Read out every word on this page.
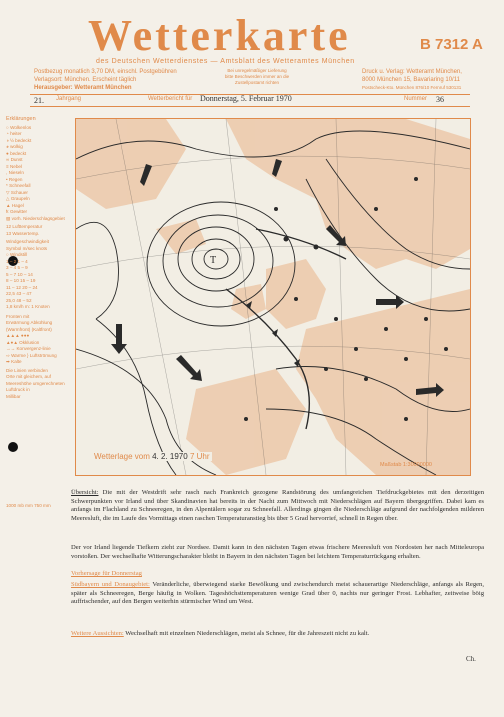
Wetterkarte	B 7312 A
des Deutschen Wetterdienstes — Amtsblatt des Wetteramtes München
Postbezug monatlich 3,70 DM, einschl. Postgebühren
Verlagsort: München. Erscheint täglich
Herausgeber: Wetteramt München
Bei unregelmäßiger Lieferung
bitte Beschwerden immer an die
Zustellpostamt richten
Druck u. Verlag: Wetteramt München,
8000 München 15, Bavariaring 10/11
Postscheck-Kto. München 876/10 Fernruf 530131
21. Jahrgang	Wetterbericht für Donnerstag, 5. Februar 1970	Nummer 36
Erklärungen
○ Wolkenlos
◔ heiter
◑ ½ bedeckt
◕ wolkig
● bedeckt
∞ Dunst
≡ Nebel
, Nieseln
• Regen
* Schneefall
▽ Schauer
△ Graupeln
▲ Hagel
ꝁ Gewitter
▧ vorh. Niederschlagsgebiet
12 Lufttemperatur
13 Wassertemp.
Windgeschwindigkeit
Symbol m/sec knots
○ Windstill
1 – 2 1 – 4
3 – 4 5 – 9
5 – 7 10 – 14
8 – 10 15 – 19
11 – 12 20 – 24
22,5 43 – 47
25,0 48 – 52
1,8 km/h m: 1 Knoten
Fronten mit
Erwärmung Abkühlung
(Warmfront) (Kaltfront)
▲▲▲ ●●●
▲●▲ Okklusion
→→ Konvergenz-linie
⇨ Warme } Luftströmung
➡ Kalte
Die Linien verbinden
Orte mit gleichem, auf
Meereshöhe umgerechneten
Luftdruck in
Millibar
1000 mb mm 750 mm
T
Wetterlage vom 4. 2. 1970 7 Uhr
Maßstab 1:30000000
Übersicht: Die mit der Westdrift sehr rasch nach Frankreich gezogene Randstörung des umfangreichen Tiefdruckgebietes mit den derzeitigen Schwerpunkten vor Irland und über Skandinavien hat bereits in der Nacht zum Mittwoch mit Niederschlägen auf Bayern übergegriffen. Dabei kam es anfangs im Flachland zu Schneeregen, in den Alpentälern sogar zu Schneefall. Allerdings gingen die Niederschläge aufgrund der nachfolgenden milderen Meeresluft, die im Laufe des Vormittags einen raschen Temperaturanstieg bis über 5 Grad hervorrief, schnell in Regen über.
Der vor Irland liegende Tiefkern zieht zur Nordsee. Damit kann in den nächsten Tagen etwas frischere Meeresluft von Nordosten her nach Mitteleuropa vorstoßen. Der wechselhafte Witterungscharakter bleibt in Bayern in den nächsten Tagen bei leichtem Temperaturrückgang erhalten.
Vorhersage für Donnerstag
Südbayern und Donaugebiet: Veränderliche, überwiegend starke Bewölkung und zwischendurch meist schauerartige Niederschläge, anfangs als Regen, später als Schneeregen, Berge häufig in Wolken. Tageshöchsttemperaturen wenige Grad über 0, nachts nur geringer Frost. Lebhafter, zeitweise böig auffrischender, auf den Bergen weiterhin stürmischer Wind um West.
Weitere Aussichten: Wechselhaft mit einzelnen Niederschlägen, meist als Schnee, für die Jahreszeit nicht zu kalt.
Ch.
